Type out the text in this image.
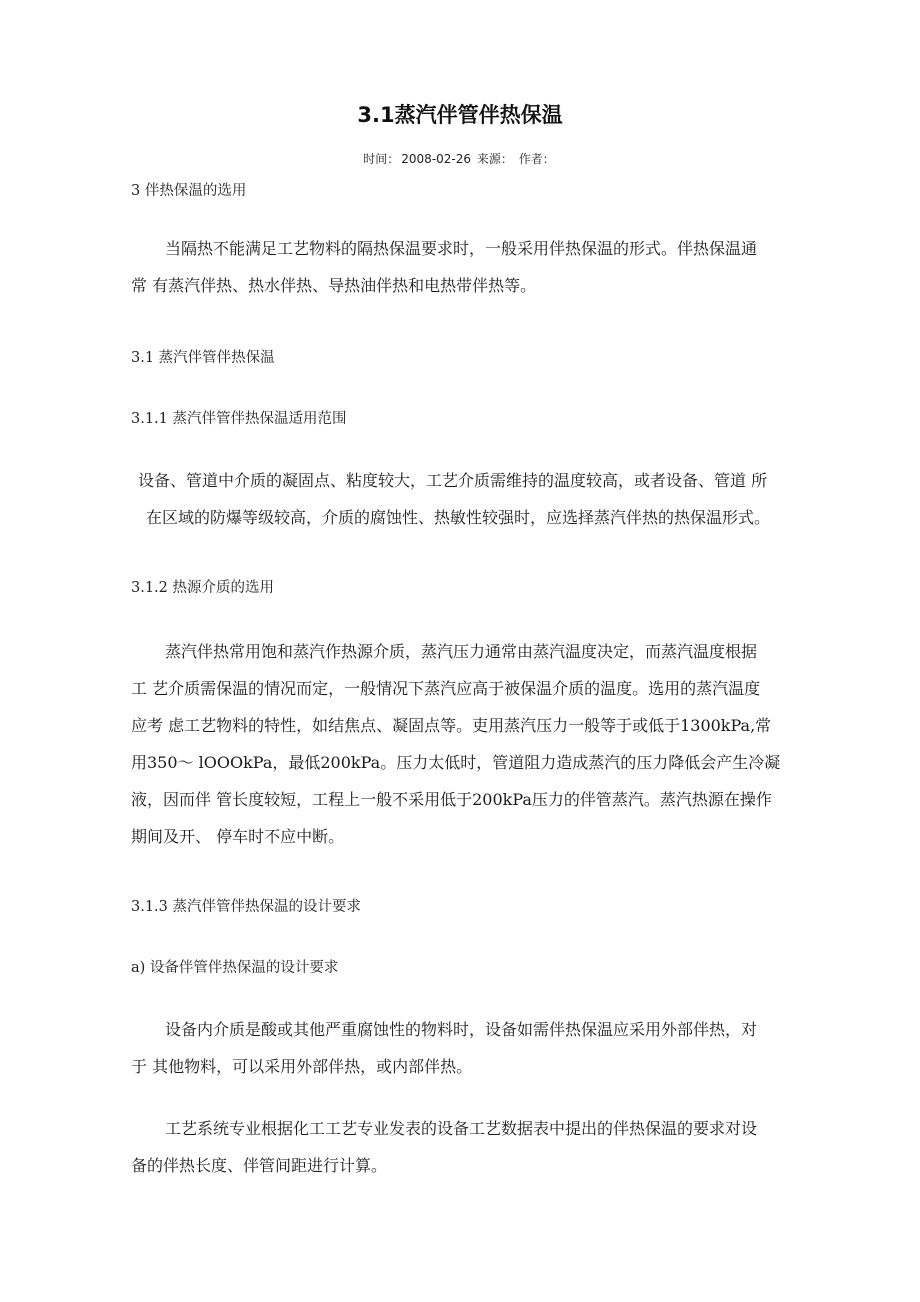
3.1蒸汽伴管伴热保温
时间： 2008-02-26 来源： 作者：
3 伴热保温的选用
当隔热不能满足工艺物料的隔热保温要求时，一般采用伴热保温的形式。伴热保温通
常 有蒸汽伴热、热水伴热、导热油伴热和电热带伴热等。
3.1 蒸汽伴管伴热保温
3.1.1 蒸汽伴管伴热保温适用范围
设备、管道中介质的凝固点、粘度较大，工艺介质需维持的温度较高，或者设备、管道 所
在区域的防爆等级较高，介质的腐蚀性、热敏性较强时，应选择蒸汽伴热的热保温形式。
3.1.2 热源介质的选用
蒸汽伴热常用饱和蒸汽作热源介质，蒸汽压力通常由蒸汽温度决定，而蒸汽温度根据
工 艺介质需保温的情况而定，一般情况下蒸汽应高于被保温介质的温度。选用的蒸汽温度
应考 虑工艺物料的特性，如结焦点、凝固点等。吏用蒸汽压力一般等于或低于1300kPa,常
用350〜 lOOOkPa，最低200kPa。压力太低时，管道阻力造成蒸汽的压力降低会产生冷凝
液，因而伴 管长度较短，工程上一般不采用低于200kPa压力的伴管蒸汽。蒸汽热源在操作
期间及开、 停车时不应中断。
3.1.3 蒸汽伴管伴热保温的设计要求
a) 设备伴管伴热保温的设计要求
设备内介质是酸或其他严重腐蚀性的物料时，设备如需伴热保温应采用外部伴热，对
于 其他物料，可以采用外部伴热，或内部伴热。
工艺系统专业根据化工工艺专业发表的设备工艺数据表中提出的伴热保温的要求对设
备的伴热长度、伴管间距进行计算。
